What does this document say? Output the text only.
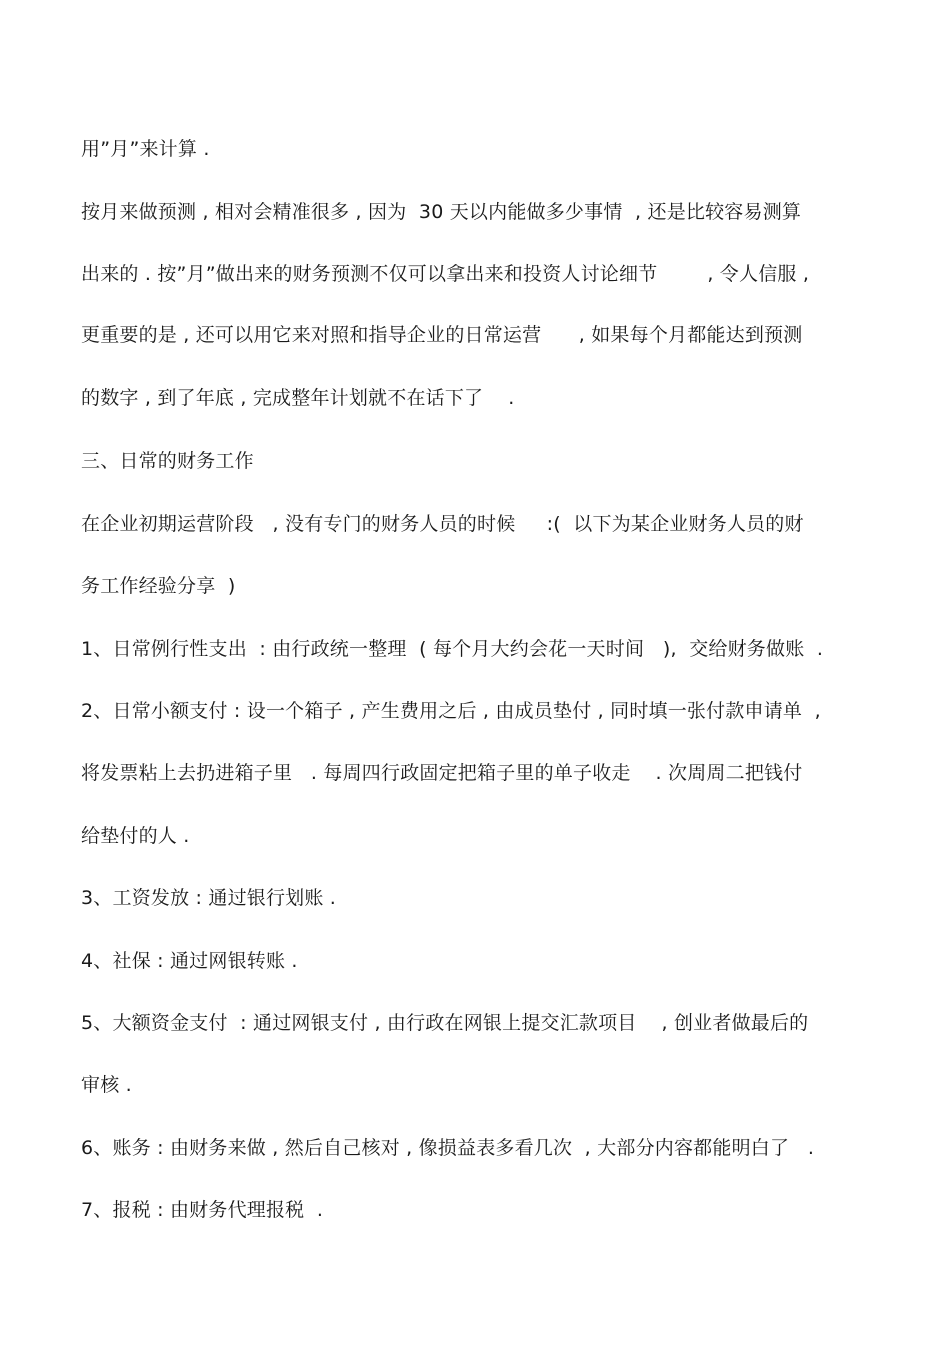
用”月”来计算 .
按月来做预测 , 相对会精准很多 , 因为  30 天以内能做多少事情  , 还是比较容易测算
出来的 . 按”月”做出来的财务预测不仅可以拿出来和投资人讨论细节        , 令人信服 ,
更重要的是 , 还可以用它来对照和指导企业的日常运营      , 如果每个月都能达到预测
的数字 , 到了年底 , 完成整年计划就不在话下了    .
三、日常的财务工作
在企业初期运营阶段   , 没有专门的财务人员的时候     :(  以下为某企业财务人员的财
务工作经验分享  )
1、日常例行性支出  : 由行政统一整理  ( 每个月大约会花一天时间   ),  交给财务做账  .
2、日常小额支付 : 设一个箱子 , 产生费用之后 , 由成员垫付 , 同时填一张付款申请单  ,
将发票粘上去扔进箱子里   . 每周四行政固定把箱子里的单子收走    . 次周周二把钱付
给垫付的人 .
3、工资发放 : 通过银行划账 .
4、社保 : 通过网银转账 .
5、大额资金支付  : 通过网银支付 , 由行政在网银上提交汇款项目    , 创业者做最后的
审核 .
6、账务 : 由财务来做 , 然后自己核对 , 像损益表多看几次  , 大部分内容都能明白了   .
7、报税 : 由财务代理报税  .
